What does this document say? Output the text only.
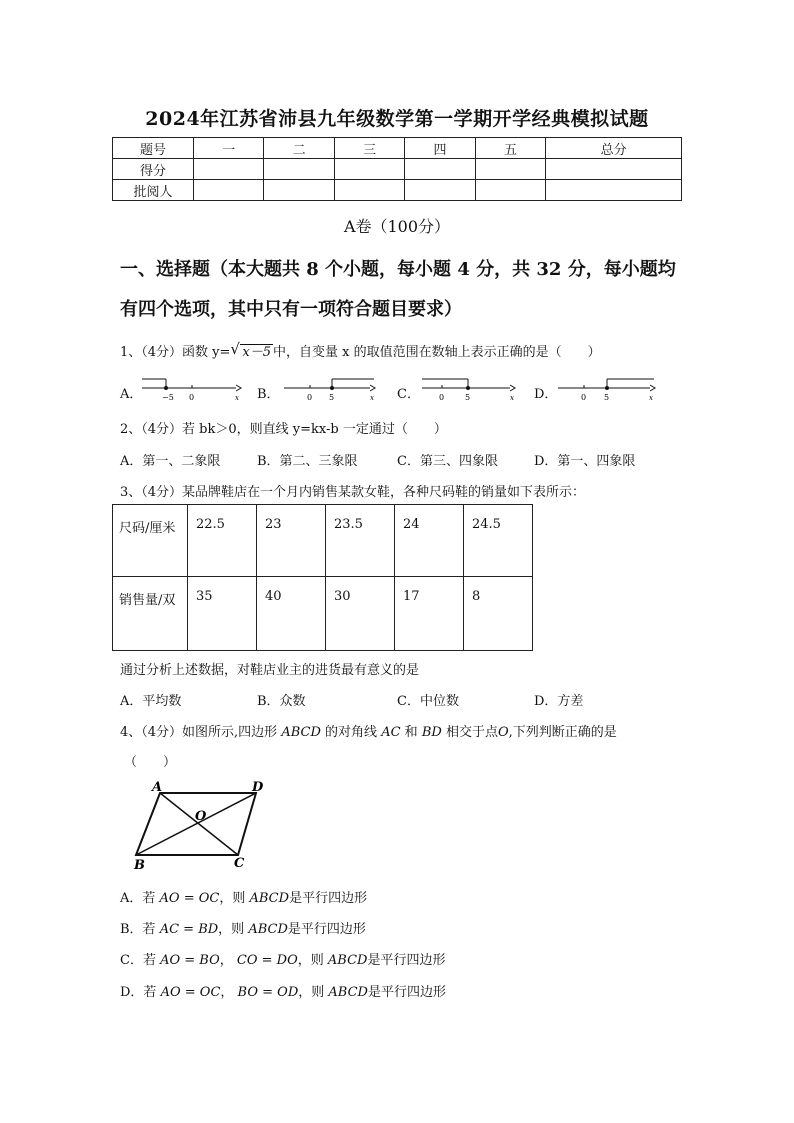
2024年江苏省沛县九年级数学第一学期开学经典模拟试题
题号	一	二	三	四	五	总分
得分						
批阅人						
A卷（100分）
一、选择题（本大题共 8 个小题，每小题 4 分，共 32 分，每小题均
有四个选项，其中只有一项符合题目要求）
1、（4分）函数 y= √ x－5 中，自变量 x 的取值范围在数轴上表示正确的是（　　）
A． −5 0	x B．	0 5	x C． 0	5	x D．	0 5	x
2、（4分）若 bk＞0，则直线 y=kx-b 一定通过（　　）
A．第一、二象限	B．第二、三象限	C．第三、四象限	D．第一、四象限
3、（4分）某品牌鞋店在一个月内销售某款女鞋，各种尺码鞋的销量如下表所示：
尺码/厘米	22.5	23	23.5	24	24.5
销售量/双	35	40	30	17	8
通过分析上述数据，对鞋店业主的进货最有意义的是
A．平均数	B．众数	C．中位数	D．方差
4、（4分）如图所示,四边形 ABCD 的对角线 AC 和 BD 相交于点O,下列判断正确的是
（　　）
A	D
O
B	C
A．若 AO = OC，则 ABCD是平行四边形
B．若 AC = BD，则 ABCD是平行四边形
C．若 AO = BO， CO = DO，则 ABCD是平行四边形
D．若 AO = OC， BO = OD，则 ABCD是平行四边形
